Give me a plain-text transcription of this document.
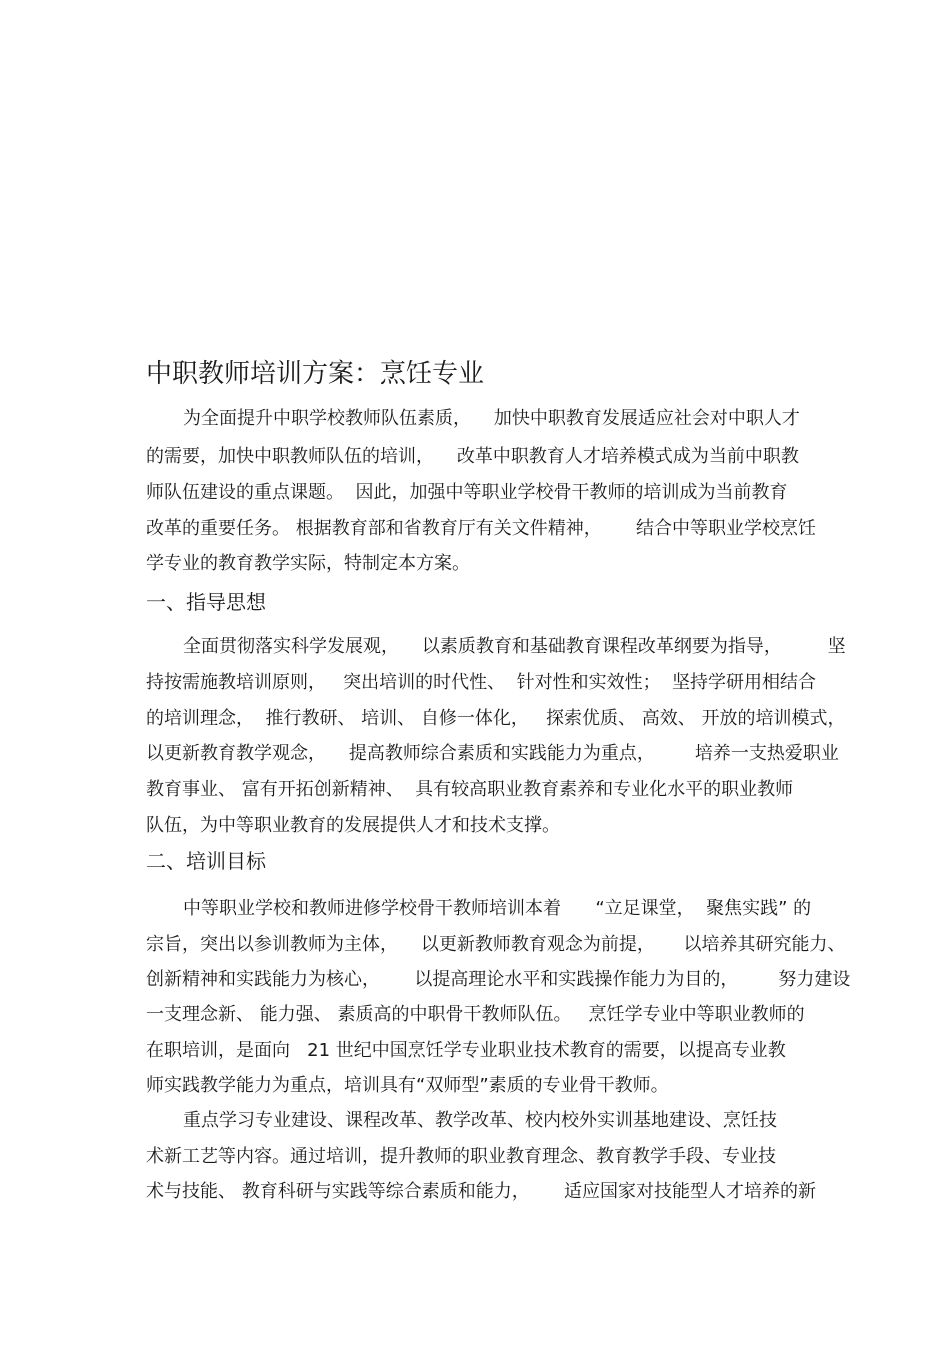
中职教师培训方案：烹饪专业
为全面提升中职学校教师队伍素质，    加快中职教育发展适应社会对中职人才
的需要，加快中职教师队伍的培训，    改革中职教育人才培养模式成为当前中职教
师队伍建设的重点课题。  因此，加强中等职业学校骨干教师的培训成为当前教育
改革的重要任务。 根据教育部和省教育厅有关文件精神，      结合中等职业学校烹饪
学专业的教育教学实际，特制定本方案。
一、指导思想
全面贯彻落实科学发展观，    以素质教育和基础教育课程改革纲要为指导，        坚
持按需施教培训原则，   突出培训的时代性、  针对性和实效性；  坚持学研用相结合
的培训理念，  推行教研、 培训、 自修一体化，   探索优质、 高效、 开放的培训模式，
以更新教育教学观念，    提高教师综合素质和实践能力为重点，       培养一支热爱职业
教育事业、 富有开拓创新精神、  具有较高职业教育素养和专业化水平的职业教师
队伍，为中等职业教育的发展提供人才和技术支撑。
二、培训目标
中等职业学校和教师进修学校骨干教师培训本着      “立足课堂，  聚焦实践” 的
宗旨，突出以参训教师为主体，    以更新教师教育观念为前提，     以培养其研究能力、
创新精神和实践能力为核心，      以提高理论水平和实践操作能力为目的，       努力建设
一支理念新、 能力强、 素质高的中职骨干教师队伍。   烹饪学专业中等职业教师的
在职培训，是面向   21 世纪中国烹饪学专业职业技术教育的需要，以提高专业教
师实践教学能力为重点，培训具有“双师型”素质的专业骨干教师。
重点学习专业建设、课程改革、教学改革、校内校外实训基地建设、烹饪技
术新工艺等内容。通过培训，提升教师的职业教育理念、教育教学手段、专业技
术与技能、 教育科研与实践等综合素质和能力，      适应国家对技能型人才培养的新
